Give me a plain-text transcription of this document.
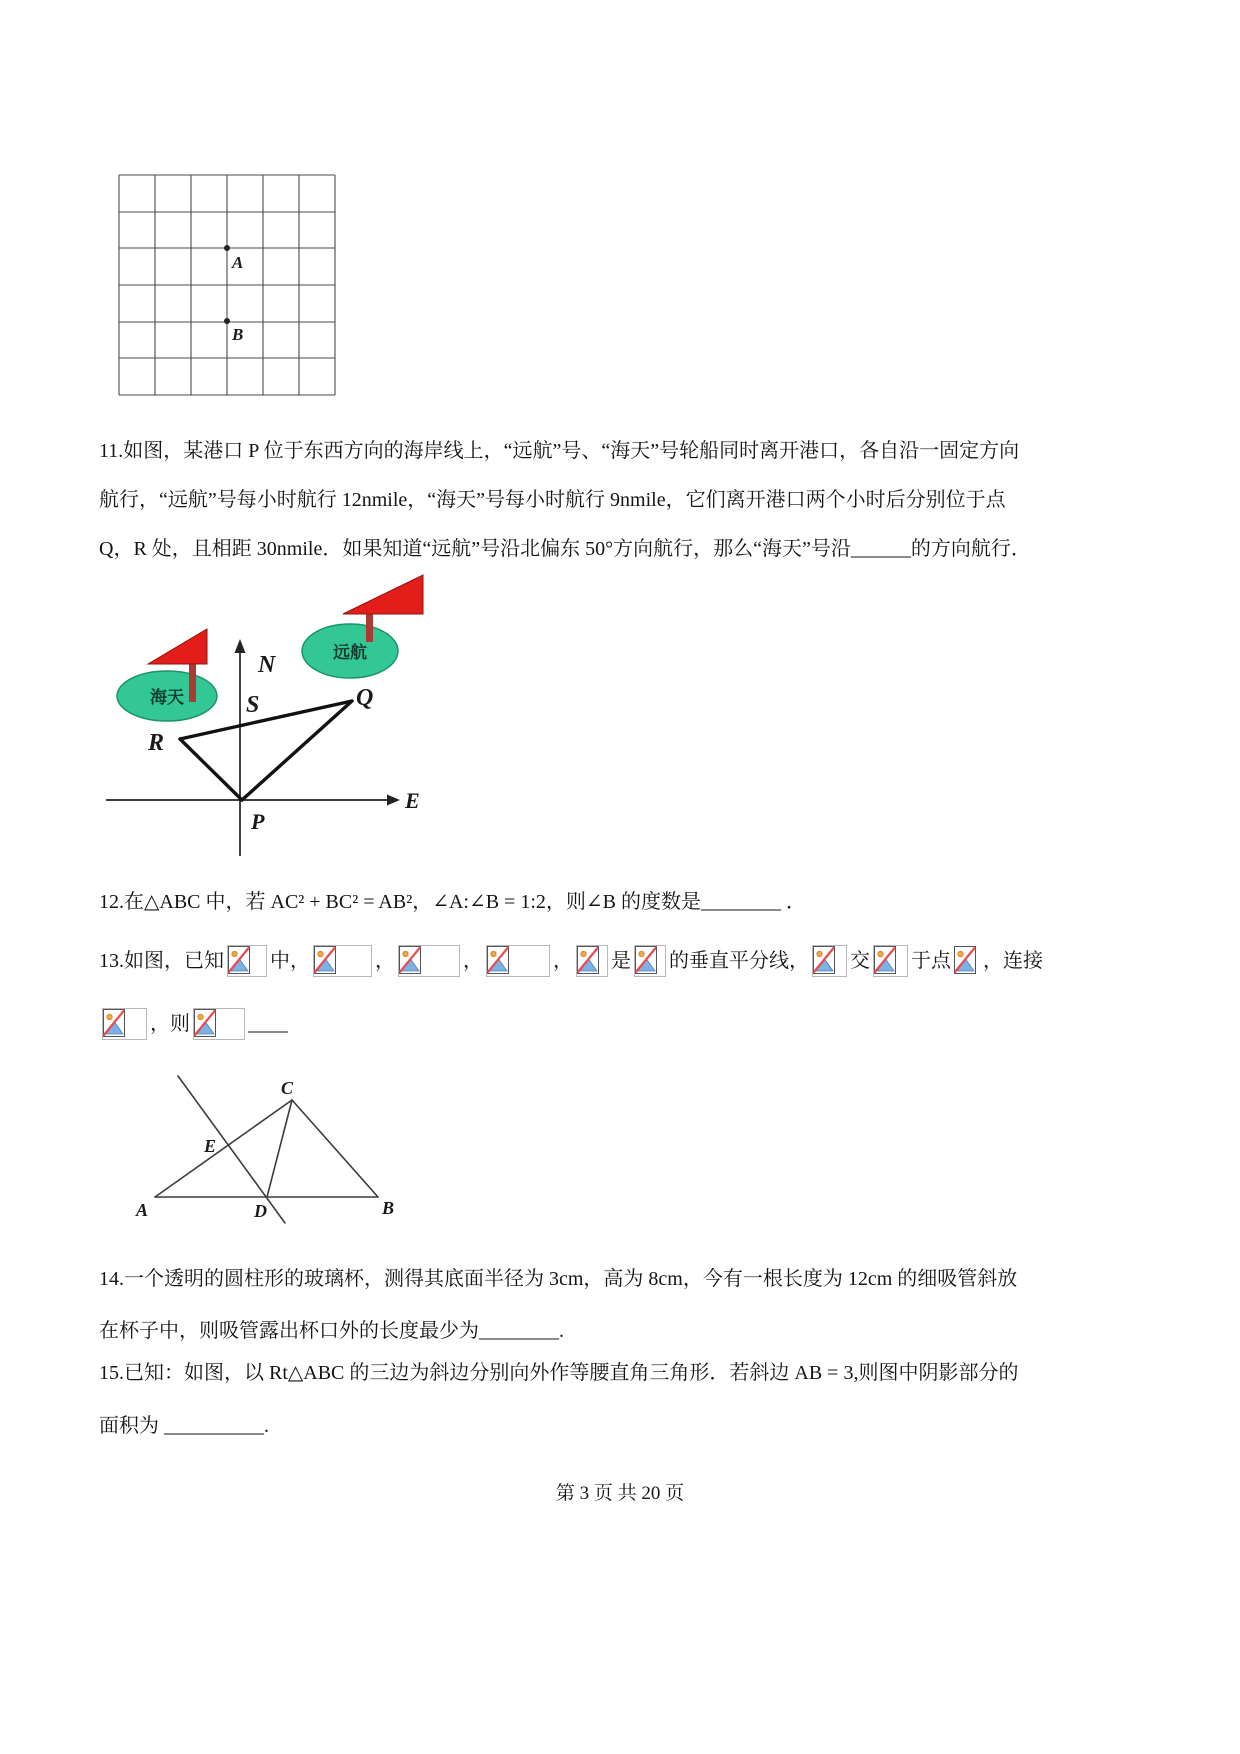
A
B
11.如图，某港口 P 位于东西方向的海岸线上，“远航”号、“海天”号轮船同时离开港口，各自沿一固定方向
航行，“远航”号每小时航行 12nmile，“海天”号每小时航行 9nmile，它们离开港口两个小时后分别位于点
Q，R 处，且相距 30nmile．如果知道“远航”号沿北偏东 50°方向航行，那么“海天”号沿______的方向航行．
海天
远航
N
S
E
P
Q
R
12.在△ABC 中，若 AC² + BC² = AB²，∠A:∠B = 1:2，则∠B 的度数是________ ．
13.如图，已知 中，	，	，	， 是 的垂直平分线， 交 于点 ，连接
，则	____
A	B
C
D
E
14.一个透明的圆柱形的玻璃杯，测得其底面半径为 3cm，高为 8cm，今有一根长度为 12cm 的细吸管斜放
在杯子中，则吸管露出杯口外的长度最少为________.
15.已知：如图，以 Rt△ABC 的三边为斜边分别向外作等腰直角三角形．若斜边 AB = 3,则图中阴影部分的
面积为 __________.
第 3 页 共 20 页
